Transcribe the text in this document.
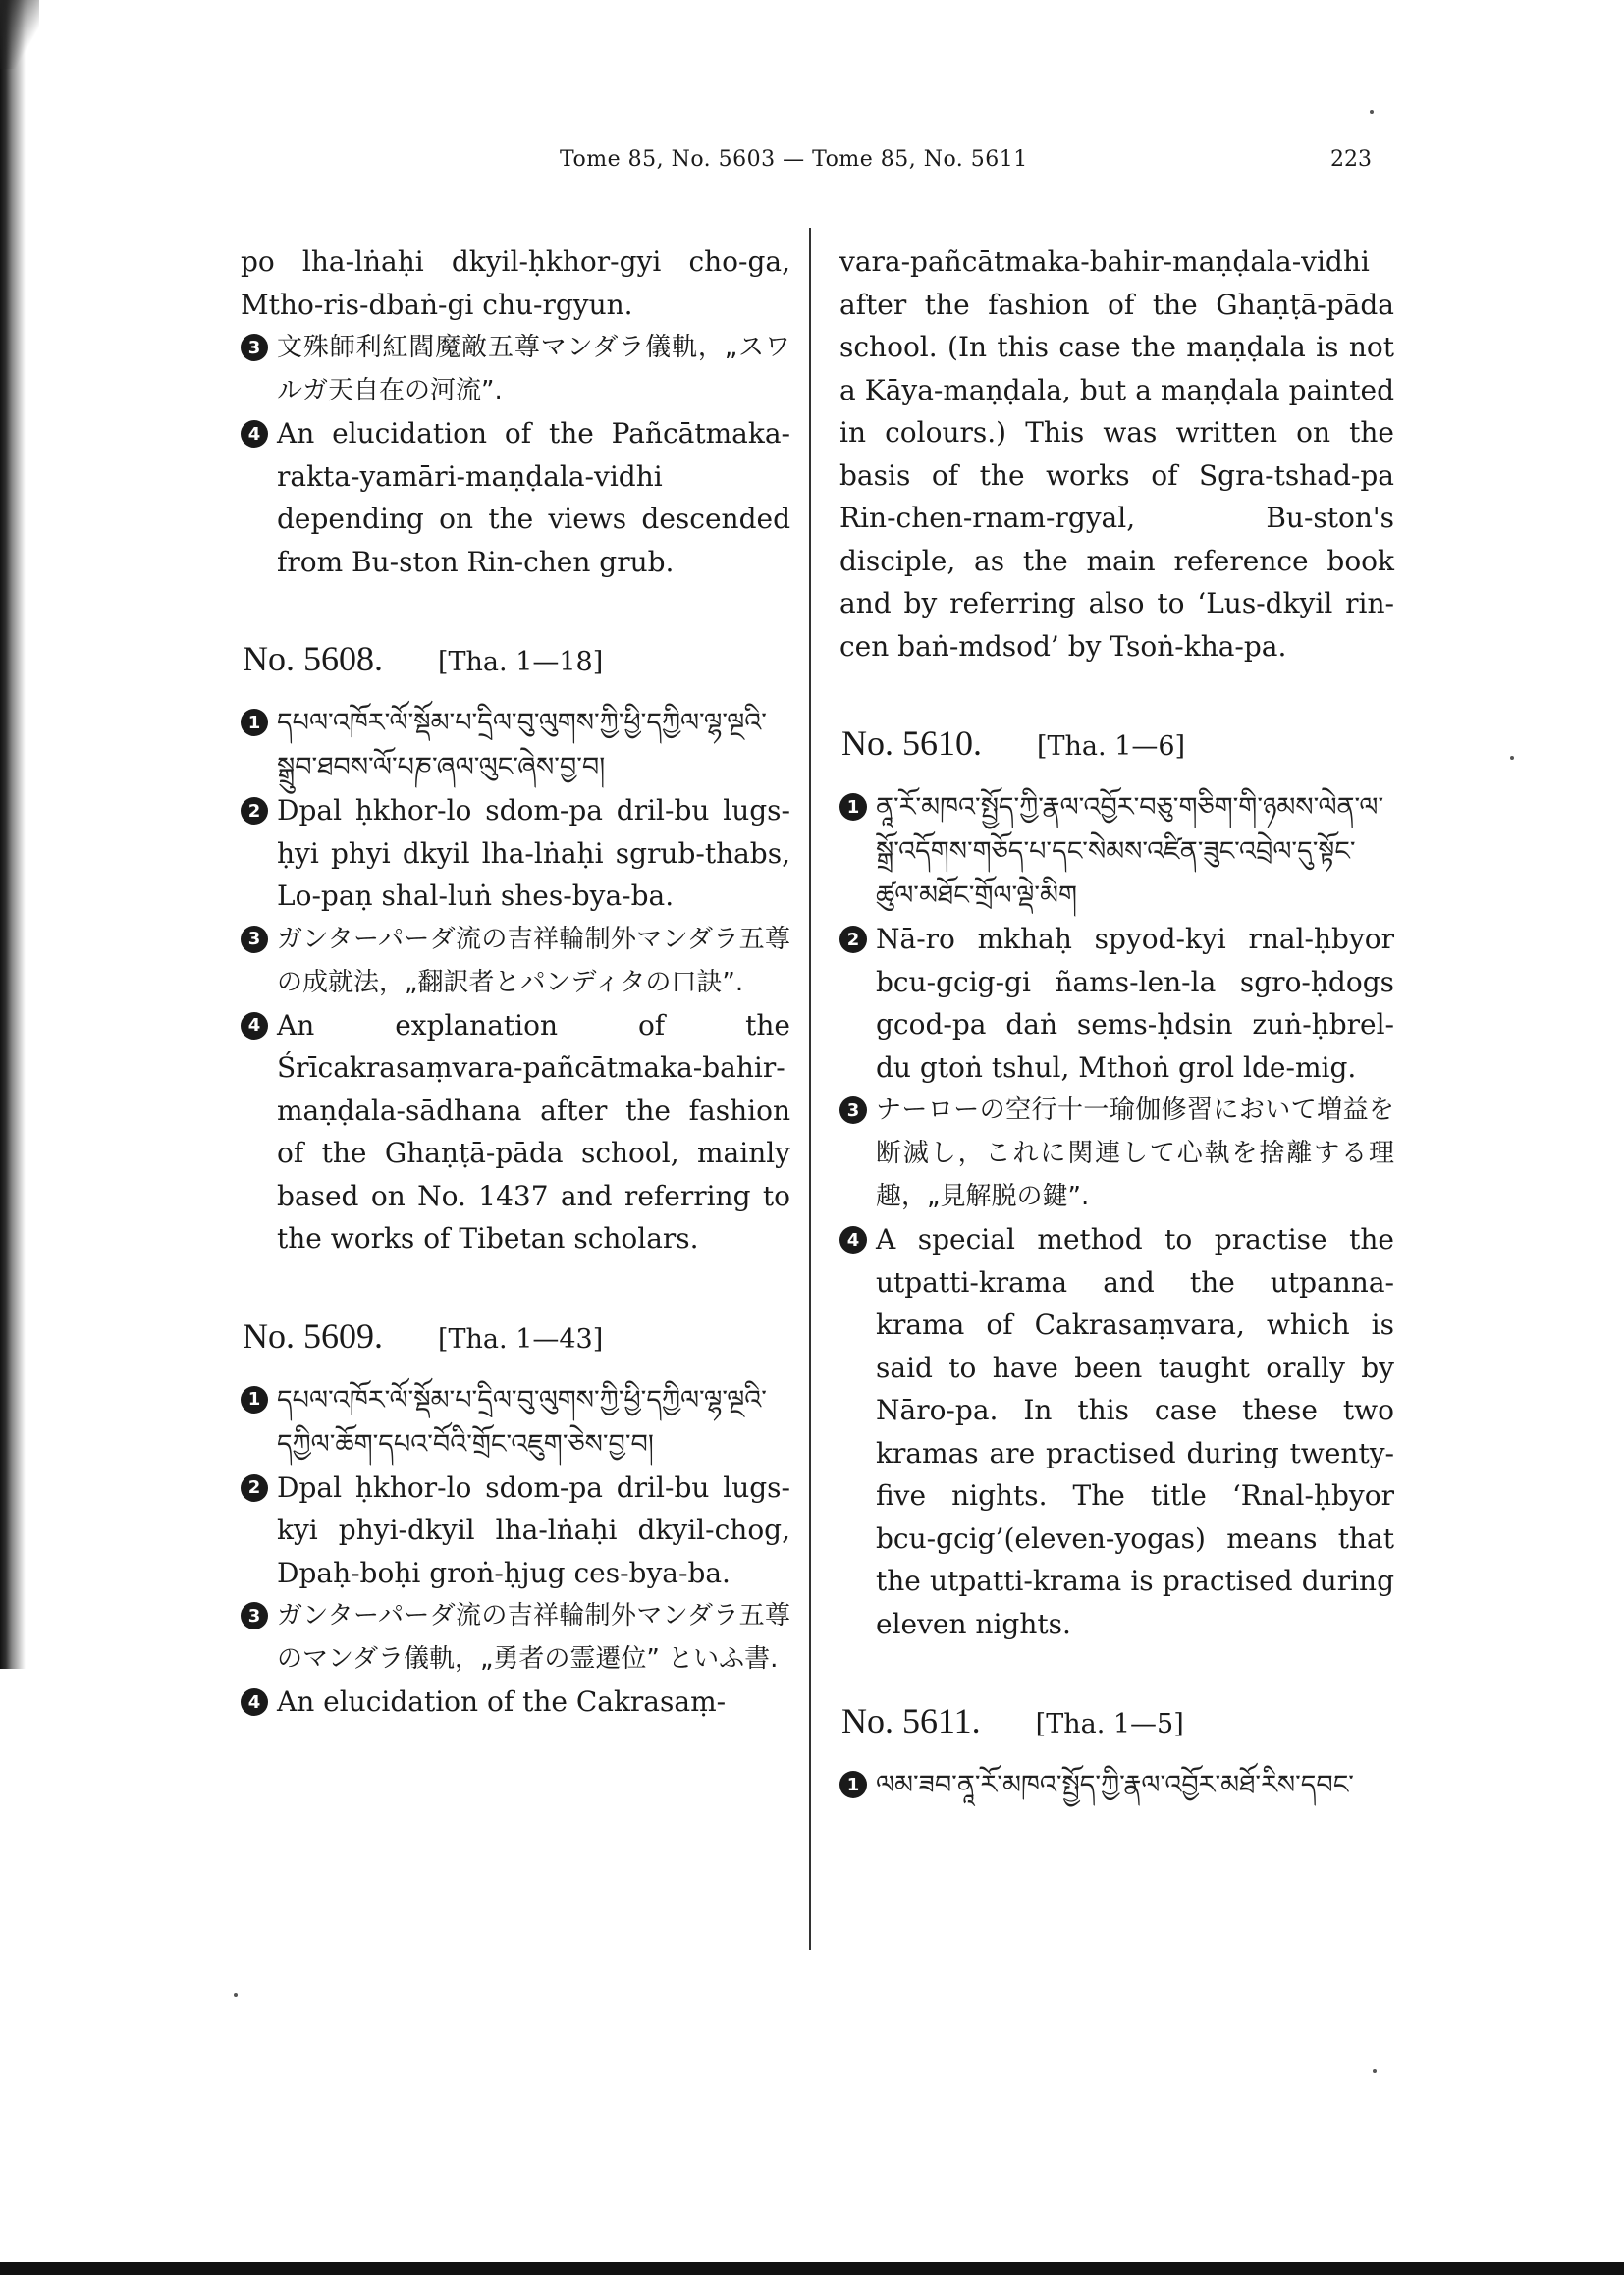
Tome 85, No. 5603 — Tome 85, No. 5611	223

po lha-lṅaḥi dkyil-ḥkhor-gyi cho-ga, Mtho-ris-dbaṅ-gi chu-rgyun.

3 文殊師利紅閻魔敵五尊マンダラ儀軌，„スワルガ天自在の河流”.
4 An elucidation of the Pañcātmaka-rakta-yamāri-maṇḍala-vidhi depending on the views descended from Bu-ston Rin-chen grub.
No. 5608. [Tha. 1—18]
1 དཔལ་འཁོར་ལོ་སྡོམ་པ་དྲིལ་བུ་ལུགས་ཀྱི་ཕྱི་དཀྱིལ་ལྷ་ལྔའི་སྒྲུབ་ཐབས་ལོ་པཎ་ཞལ་ལུང་ཞེས་བྱ་བ།
2 Dpal ḥkhor-lo sdom-pa dril-bu lugs-ḥyi phyi dkyil lha-lṅaḥi sgrub-thabs, Lo-paṇ shal-luṅ shes-bya-ba.
3 ガンターパーダ流の吉祥輪制外マンダラ五尊の成就法，„翻訳者とパンディタの口訣”.
4 An explanation of the Śrīcakrasaṃvara-pañcātmaka-bahir-maṇḍala-sādhana after the fashion of the Ghaṇṭā-pāda school, mainly based on No. 1437 and referring to the works of Tibetan scholars.
No. 5609. [Tha. 1—43]
1 དཔལ་འཁོར་ལོ་སྡོམ་པ་དྲིལ་བུ་ལུགས་ཀྱི་ཕྱི་དཀྱིལ་ལྷ་ལྔའི་དཀྱིལ་ཆོག་དཔའ་བོའི་གྲོང་འཇུག་ཅེས་བྱ་བ།
2 Dpal ḥkhor-lo sdom-pa dril-bu lugs-kyi phyi-dkyil lha-lṅaḥi dkyil-chog, Dpaḥ-boḥi groṅ-ḥjug ces-bya-ba.
3 ガンターパーダ流の吉祥輪制外マンダラ五尊のマンダラ儀軌，„勇者の霊遷位” といふ書.
4 An elucidation of the Cakrasaṃ-

vara-pañcātmaka-bahir-maṇḍala-vidhi after the fashion of the Ghaṇṭā-pāda school. (In this case the maṇḍala is not a Kāya-maṇḍala, but a maṇḍala painted in colours.) This was written on the basis of the works of Sgra-tshad-pa Rin-chen-rnam-rgyal, Bu-ston's disciple, as the main reference book and by referring also to ‘Lus-dkyil rin-cen baṅ-mdsod’ by Tsoṅ-kha-pa.

No. 5610. [Tha. 1—6]
1 ནཱ་རོ་མཁའ་སྤྱོད་ཀྱི་རྣལ་འབྱོར་བཅུ་གཅིག་གི་ཉམས་ལེན་ལ་སྒྲོ་འདོགས་གཅོད་པ་དང་སེམས་འཛིན་ཟུང་འབྲེལ་དུ་སྟོང་ཚུལ་མཐོང་གྲོལ་ལྡེ་མིག
2 Nā-ro mkhaḥ spyod-kyi rnal-ḥbyor bcu-gcig-gi ñams-len-la sgro-ḥdogs gcod-pa daṅ sems-ḥdsin zuṅ-ḥbrel-du gtoṅ tshul, Mthoṅ grol lde-mig.
3 ナーローの空行十一瑜伽修習において増益を断滅し，これに関連して心執を捨離する理趣，„見解脱の鍵”.
4 A special method to practise the utpatti-krama and the utpanna-krama of Cakrasaṃvara, which is said to have been taught orally by Nāro-pa. In this case these two kramas are practised during twenty-five nights. The title ‘Rnal-ḥbyor bcu-gcig’(eleven-yogas) means that the utpatti-krama is practised during eleven nights.
No. 5611. [Tha. 1—5]
1 ལམ་ཟབ་ནཱ་རོ་མཁའ་སྤྱོད་ཀྱི་རྣལ་འབྱོར་མཐོ་རིས་དབང་
